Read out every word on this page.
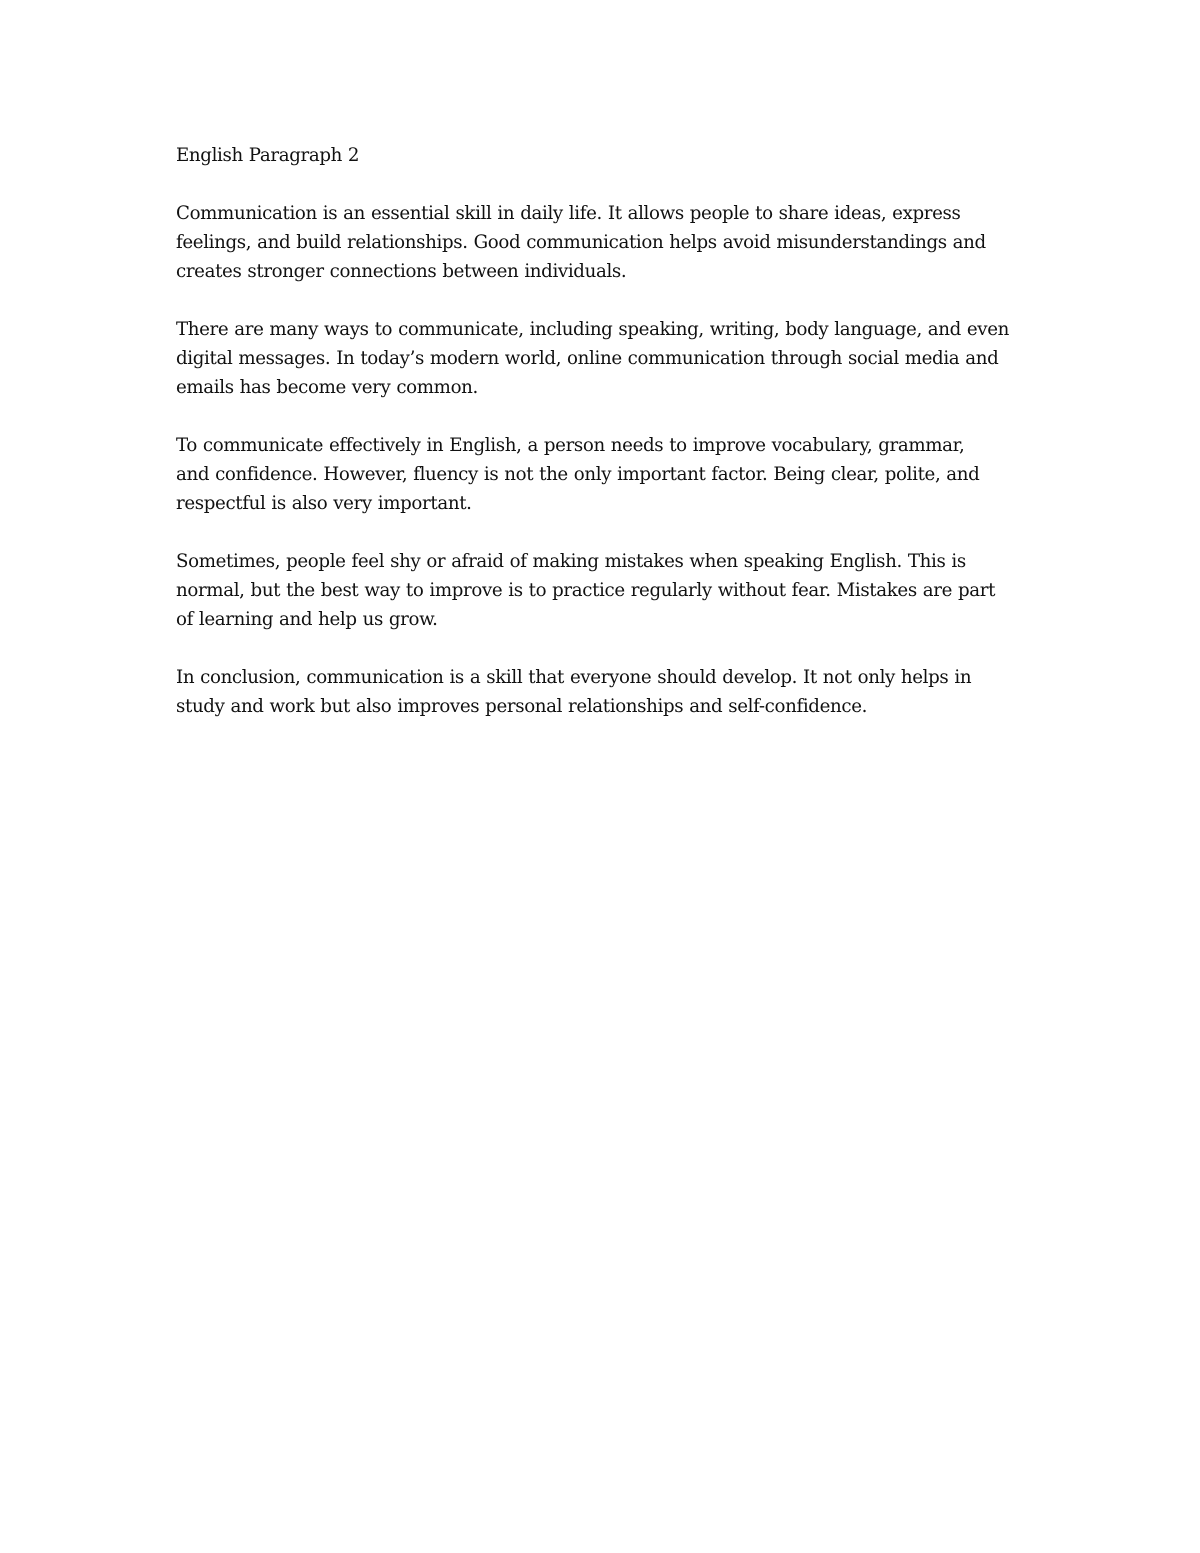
English Paragraph 2

Communication is an essential skill in daily life. It allows people to share ideas, express
feelings, and build relationships. Good communication helps avoid misunderstandings and
creates stronger connections between individuals.

There are many ways to communicate, including speaking, writing, body language, and even
digital messages. In today’s modern world, online communication through social media and
emails has become very common.

To communicate effectively in English, a person needs to improve vocabulary, grammar,
and confidence. However, fluency is not the only important factor. Being clear, polite, and
respectful is also very important.

Sometimes, people feel shy or afraid of making mistakes when speaking English. This is
normal, but the best way to improve is to practice regularly without fear. Mistakes are part
of learning and help us grow.

In conclusion, communication is a skill that everyone should develop. It not only helps in
study and work but also improves personal relationships and self-confidence.
